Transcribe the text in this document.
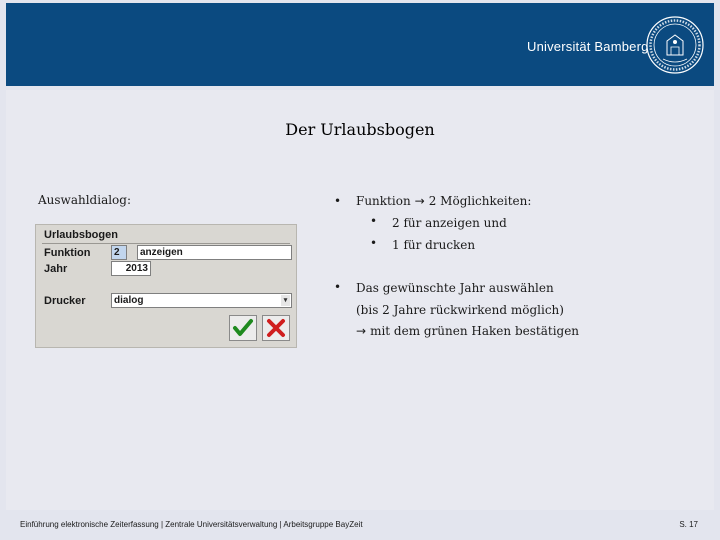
Universität Bamberg
Der Urlaubsbogen
Auswahldialog:
Urlaubsbogen
Funktion	2	anzeigen
Jahr	2013
Drucker	dialog	▾
• Funktion → 2 Möglichkeiten:
• 2 für anzeigen und
• 1 für drucken
• Das gewünschte Jahr auswählen
(bis 2 Jahre rückwirkend möglich)
→ mit dem grünen Haken bestätigen
Einführung elektronische Zeiterfassung | Zentrale Universitätsverwaltung | Arbeitsgruppe BayZeit	S. 17
